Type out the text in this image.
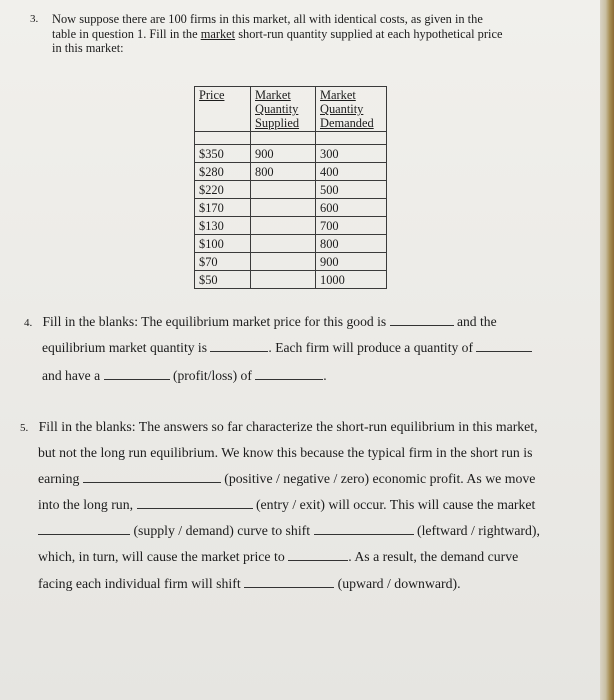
3. Now suppose there are 100 firms in this market, all with identical costs, as given in the
table in question 1. Fill in the market short-run quantity supplied at each hypothetical price
in this market:
Price	Market
Quantity
Supplied	Market
Quantity
Demanded

$350	900	300
$280	800	400
$220		500
$170		600
$130		700
$100		800
$70		900
$50		1000
4. Fill in the blanks: The equilibrium market price for this good is	and the
equilibrium market quantity is	. Each firm will produce a quantity of
and have a	(profit/loss) of	.
5. Fill in the blanks: The answers so far characterize the short-run equilibrium in this market,
but not the long run equilibrium. We know this because the typical firm in the short run is
earning	(positive / negative / zero) economic profit. As we move
into the long run,	(entry / exit) will occur. This will cause the market
(supply / demand) curve to shift	(leftward / rightward),
which, in turn, will cause the market price to	. As a result, the demand curve
facing each individual firm will shift	(upward / downward).
